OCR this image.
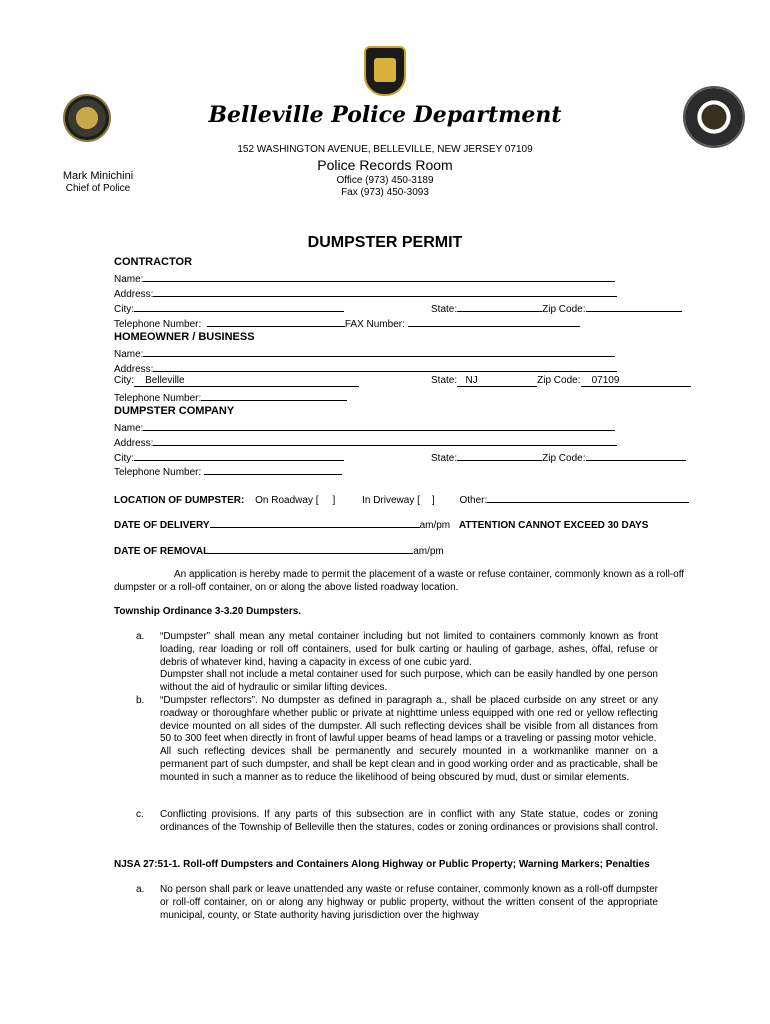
Belleville Police Department
152 WASHINGTON AVENUE, BELLEVILLE, NEW JERSEY 07109
Police Records Room
Office (973) 450-3189
Fax (973) 450-3093
Mark Minichini
Chief of Police
DUMPSTER PERMIT
CONTRACTOR
Name:
Address:
City:	State:	Zip Code:
Telephone Number:	FAX Number:
HOMEOWNER / BUSINESS
Name:
Address:
City: Belleville	State: NJ	Zip Code: 07109
Telephone Number:
DUMPSTER COMPANY
Name:
Address:
City:	State:	Zip Code:
Telephone Number:
LOCATION OF DUMPSTER: On Roadway [ ]	In Driveway [ ] Other:
DATE OF DELIVERY	am/pm ATTENTION CANNOT EXCEED 30 DAYS
DATE OF REMOVAL	am/pm
An application is hereby made to permit the placement of a waste or refuse container, commonly known as a roll-off dumpster or a roll-off container, on or along the above listed roadway location.
Township Ordinance 3-3.20 Dumpsters.
a. “Dumpster” shall mean any metal container including but not limited to containers commonly known as front loading, rear loading or roll off containers, used for bulk carting or hauling of garbage, ashes, offal, refuse or debris of whatever kind, having a capacity in excess of one cubic yard.
Dumpster shall not include a metal container used for such purpose, which can be easily handled by one person without the aid of hydraulic or similar lifting devices.
b. “Dumpster reflectors”. No dumpster as defined in paragraph a., shall be placed curbside on any street or any roadway or thoroughfare whether public or private at nighttime unless equipped with one red or yellow reflecting device mounted on all sides of the dumpster. All such reflecting devices shall be visible from all distances from 50 to 300 feet when directly in front of lawful upper beams of head lamps or a traveling or passing motor vehicle.
All such reflecting devices shall be permanently and securely mounted in a workmanlike manner on a permanent part of such dumpster, and shall be kept clean and in good working order and as practicable, shall be mounted in such a manner as to reduce the likelihood of being obscured by mud, dust or similar elements.
c. Conflicting provisions. If any parts of this subsection are in conflict with any State statue, codes or zoning ordinances of the Township of Belleville then the statures, codes or zoning ordinances or provisions shall control.
NJSA 27:51-1. Roll-off Dumpsters and Containers Along Highway or Public Property; Warning Markers; Penalties
a. No person shall park or leave unattended any waste or refuse container, commonly known as a roll-off dumpster or roll-off container, on or along any highway or public property, without the written consent of the appropriate municipal, county, or State authority having jurisdiction over the highway
